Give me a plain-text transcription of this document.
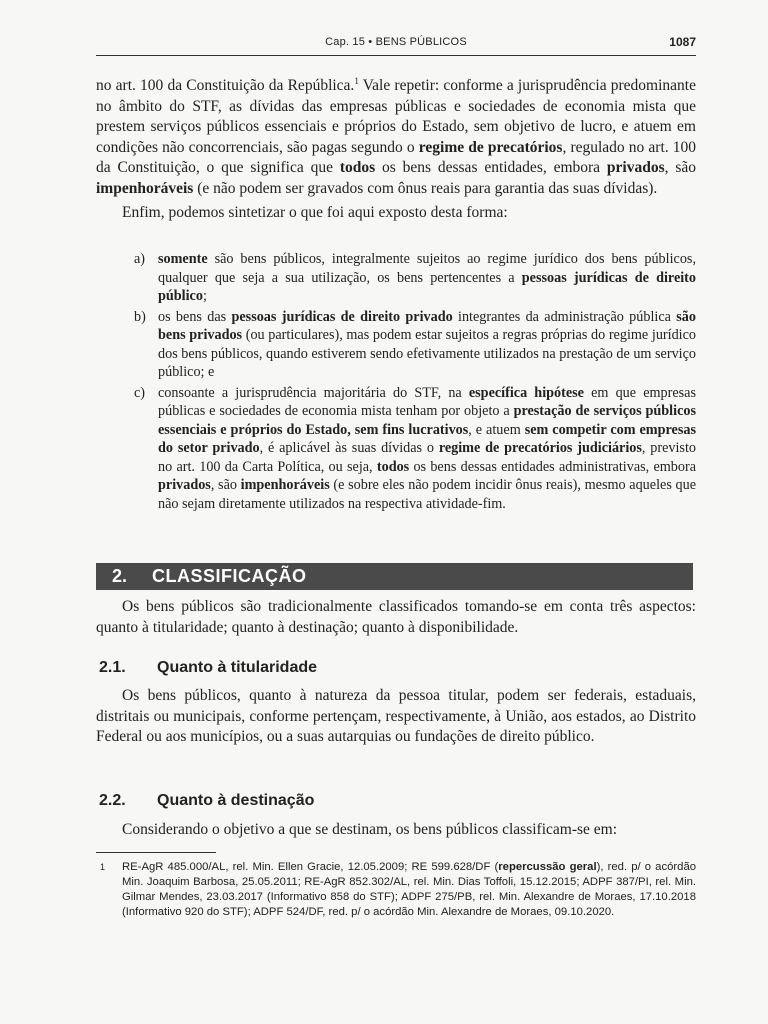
Cap. 15 • BENS PÚBLICOS	1087

no art. 100 da Constituição da República.$^1$ Vale repetir: conforme a jurisprudência predominante no âmbito do STF, as dívidas das empresas públicas e sociedades de economia mista que prestem serviços públicos essenciais e próprios do Estado, sem objetivo de lucro, e atuem em condições não concorrenciais, são pagas segundo o regime de precatórios, regulado no art. 100 da Constituição, o que significa que todos os bens dessas entidades, embora privados, são impenhoráveis (e não podem ser gravados com ônus reais para garantia das suas dívidas).

Enfim, podemos sintetizar o que foi aqui exposto desta forma:

a) somente são bens públicos, integralmente sujeitos ao regime jurídico dos bens públicos, qualquer que seja a sua utilização, os bens pertencentes a pessoas jurídicas de direito público;
b) os bens das pessoas jurídicas de direito privado integrantes da administração pública são bens privados (ou particulares), mas podem estar sujeitos a regras próprias do regime jurídico dos bens públicos, quando estiverem sendo efetivamente utilizados na prestação de um serviço público; e
c) consoante a jurisprudência majoritária do STF, na específica hipótese em que empresas públicas e sociedades de economia mista tenham por objeto a prestação de serviços públicos essenciais e próprios do Estado, sem fins lucrativos, e atuem sem competir com empresas do setor privado, é aplicável às suas dívidas o regime de precatórios judiciários, previsto no art. 100 da Carta Política, ou seja, todos os bens dessas entidades administrativas, embora privados, são impenhoráveis (e sobre eles não podem incidir ônus reais), mesmo aqueles que não sejam diretamente utilizados na respectiva atividade-fim.
2. CLASSIFICAÇÃO

Os bens públicos são tradicionalmente classificados tomando-se em conta três aspectos: quanto à titularidade; quanto à destinação; quanto à disponibilidade.

2.1. Quanto à titularidade

Os bens públicos, quanto à natureza da pessoa titular, podem ser federais, estaduais, distritais ou municipais, conforme pertençam, respectivamente, à União, aos estados, ao Distrito Federal ou aos municípios, ou a suas autarquias ou fundações de direito público.

2.2. Quanto à destinação

Considerando o objetivo a que se destinam, os bens públicos classificam-se em:

1 RE-AgR 485.000/AL, rel. Min. Ellen Gracie, 12.05.2009; RE 599.628/DF (repercussão geral), red. p/ o acórdão Min. Joaquim Barbosa, 25.05.2011; RE-AgR 852.302/AL, rel. Min. Dias Toffoli, 15.12.2015; ADPF 387/PI, rel. Min. Gilmar Mendes, 23.03.2017 (Informativo 858 do STF); ADPF 275/PB, rel. Min. Alexandre de Moraes, 17.10.2018 (Informativo 920 do STF); ADPF 524/DF, red. p/ o acórdão Min. Alexandre de Moraes, 09.10.2020.
